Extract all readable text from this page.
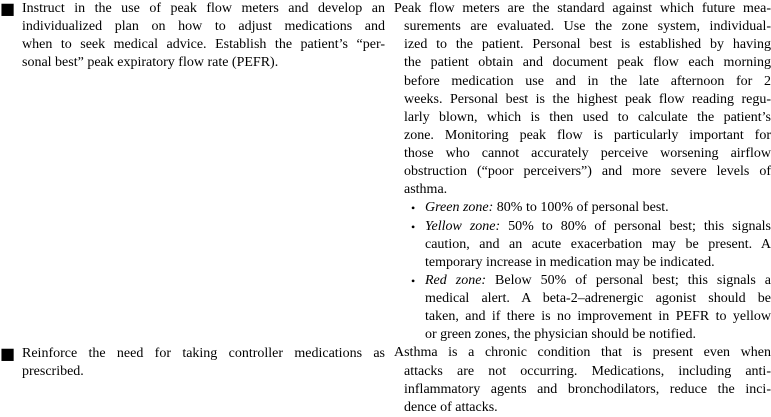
■ Instruct in the use of peak flow meters and develop an
individualized plan on how to adjust medications and
when to seek medical advice. Establish the patient’s “per-
sonal best” peak expiratory flow rate (PEFR).
■ Reinforce the need for taking controller medications as
prescribed.
Peak flow meters are the standard against which future mea-
surements are evaluated. Use the zone system, individual-
ized to the patient. Personal best is established by having
the patient obtain and document peak flow each morning
before medication use and in the late afternoon for 2
weeks. Personal best is the highest peak flow reading regu-
larly blown, which is then used to calculate the patient’s
zone. Monitoring peak flow is particularly important for
those who cannot accurately perceive worsening airflow
obstruction (“poor perceivers”) and more severe levels of
asthma.
• Green zone: 80% to 100% of personal best.
• Yellow zone: 50% to 80% of personal best; this signals
caution, and an acute exacerbation may be present. A
temporary increase in medication may be indicated.
• Red zone: Below 50% of personal best; this signals a
medical alert. A beta-2–adrenergic agonist should be
taken, and if there is no improvement in PEFR to yellow
or green zones, the physician should be notified.
Asthma is a chronic condition that is present even when
attacks are not occurring. Medications, including anti-
inflammatory agents and bronchodilators, reduce the inci-
dence of attacks.
